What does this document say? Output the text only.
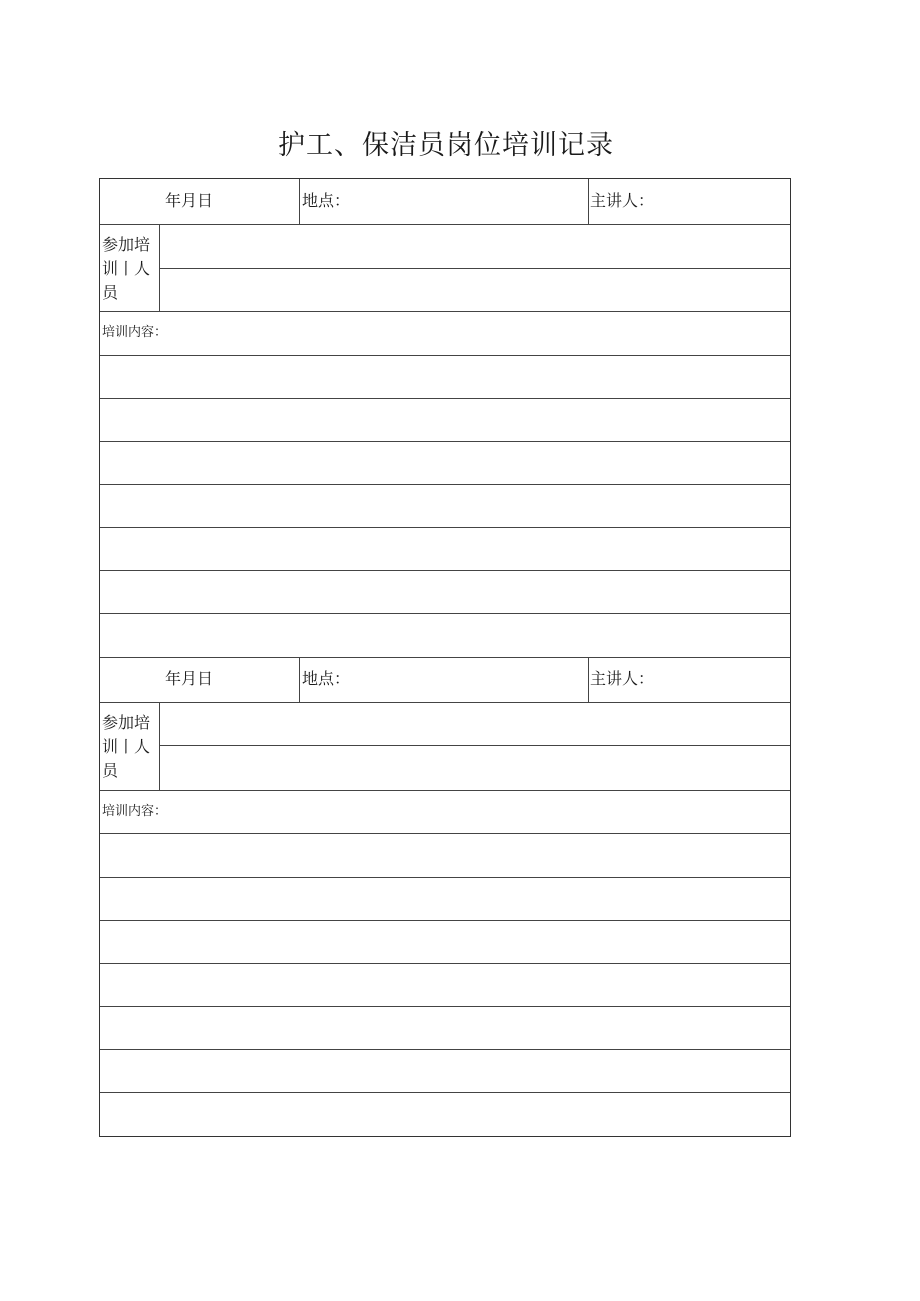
护工、保洁员岗位培训记录
年月日	地点：	主讲人：
参加培
训丨人
员
培训内容：
年月日	地点：	主讲人：
参加培
训丨人
员
培训内容：
